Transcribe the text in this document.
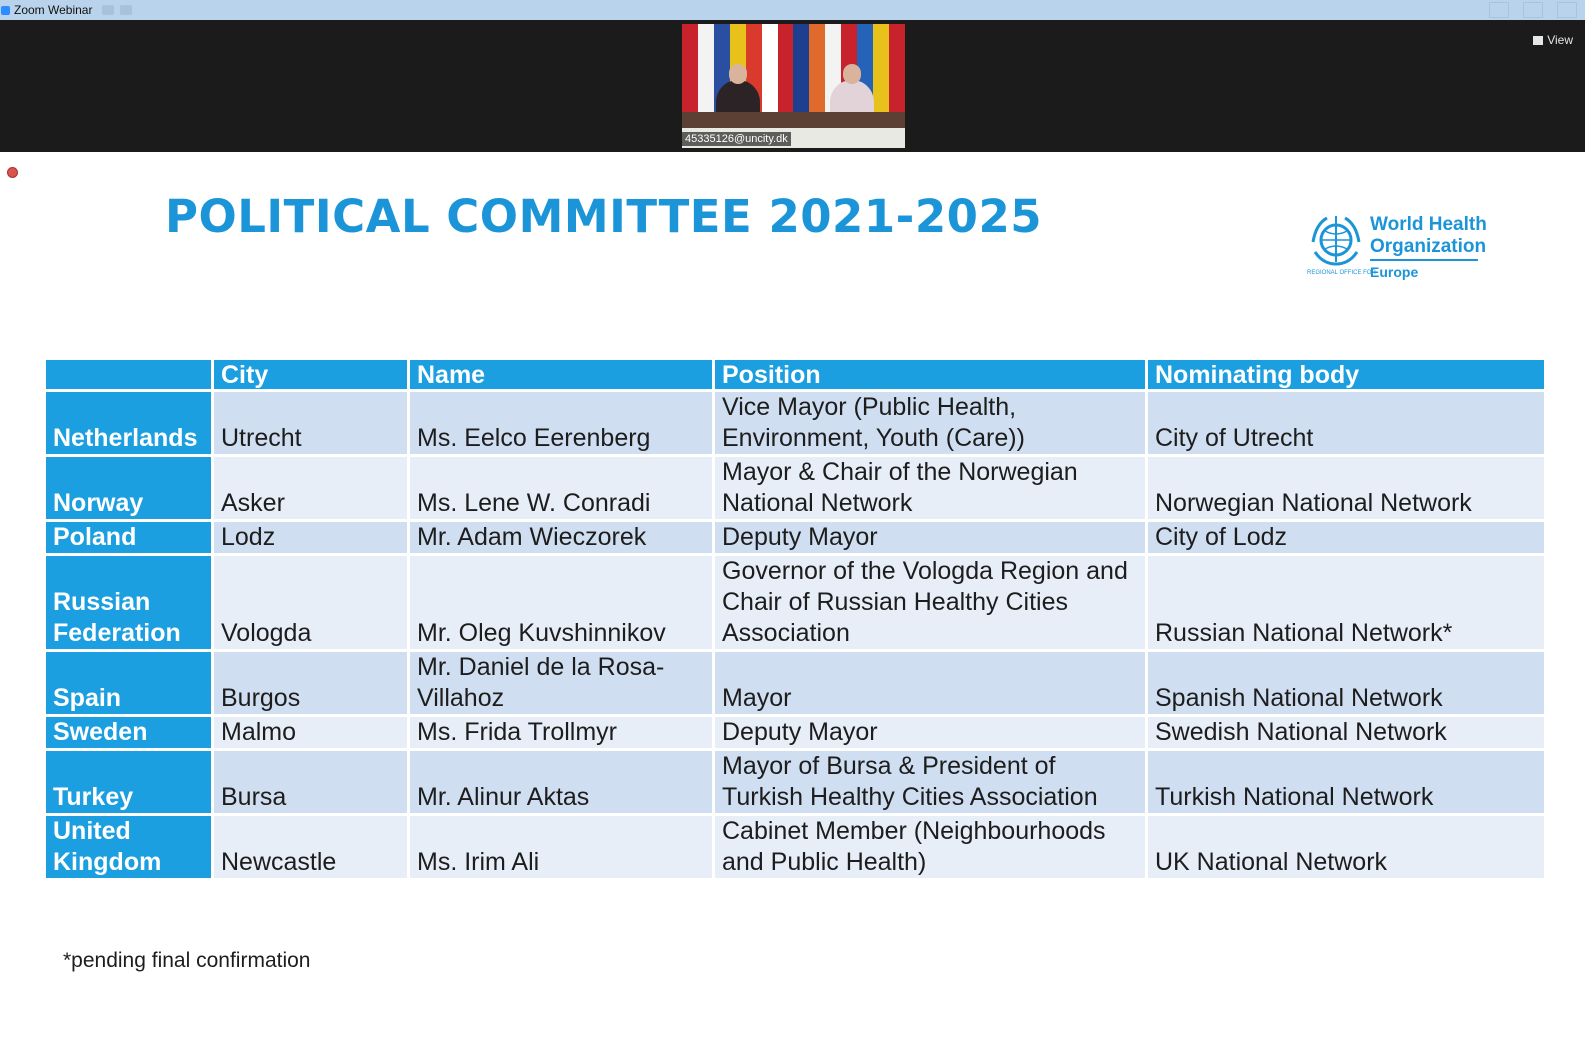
Zoom Webinar
45335126@uncity.dk
View
POLITICAL COMMITTEE 2021-2025	World Health
Organization
REGIONAL OFFICE FOR
Europe
	City	Name	Position	Nominating body
Netherlands	Utrecht	Ms. Eelco Eerenberg	Vice Mayor (Public Health, Environment, Youth (Care))	City of Utrecht
Norway	Asker	Ms. Lene W. Conradi	Mayor & Chair of the Norwegian National Network	Norwegian National Network
Poland	Lodz	Mr. Adam Wieczorek	Deputy Mayor	City of Lodz
Russian Federation	Vologda	Mr. Oleg Kuvshinnikov	Governor of the Vologda Region and Chair of Russian Healthy Cities Association	Russian National Network*
Spain	Burgos	Mr. Daniel de la Rosa-Villahoz	Mayor	Spanish National Network
Sweden	Malmo	Ms. Frida Trollmyr	Deputy Mayor	Swedish National Network
Turkey	Bursa	Mr. Alinur Aktas	Mayor of Bursa & President of Turkish Healthy Cities Association	Turkish National Network
United Kingdom	Newcastle	Ms. Irim Ali	Cabinet Member (Neighbourhoods and Public Health)	UK National Network
*pending final confirmation
